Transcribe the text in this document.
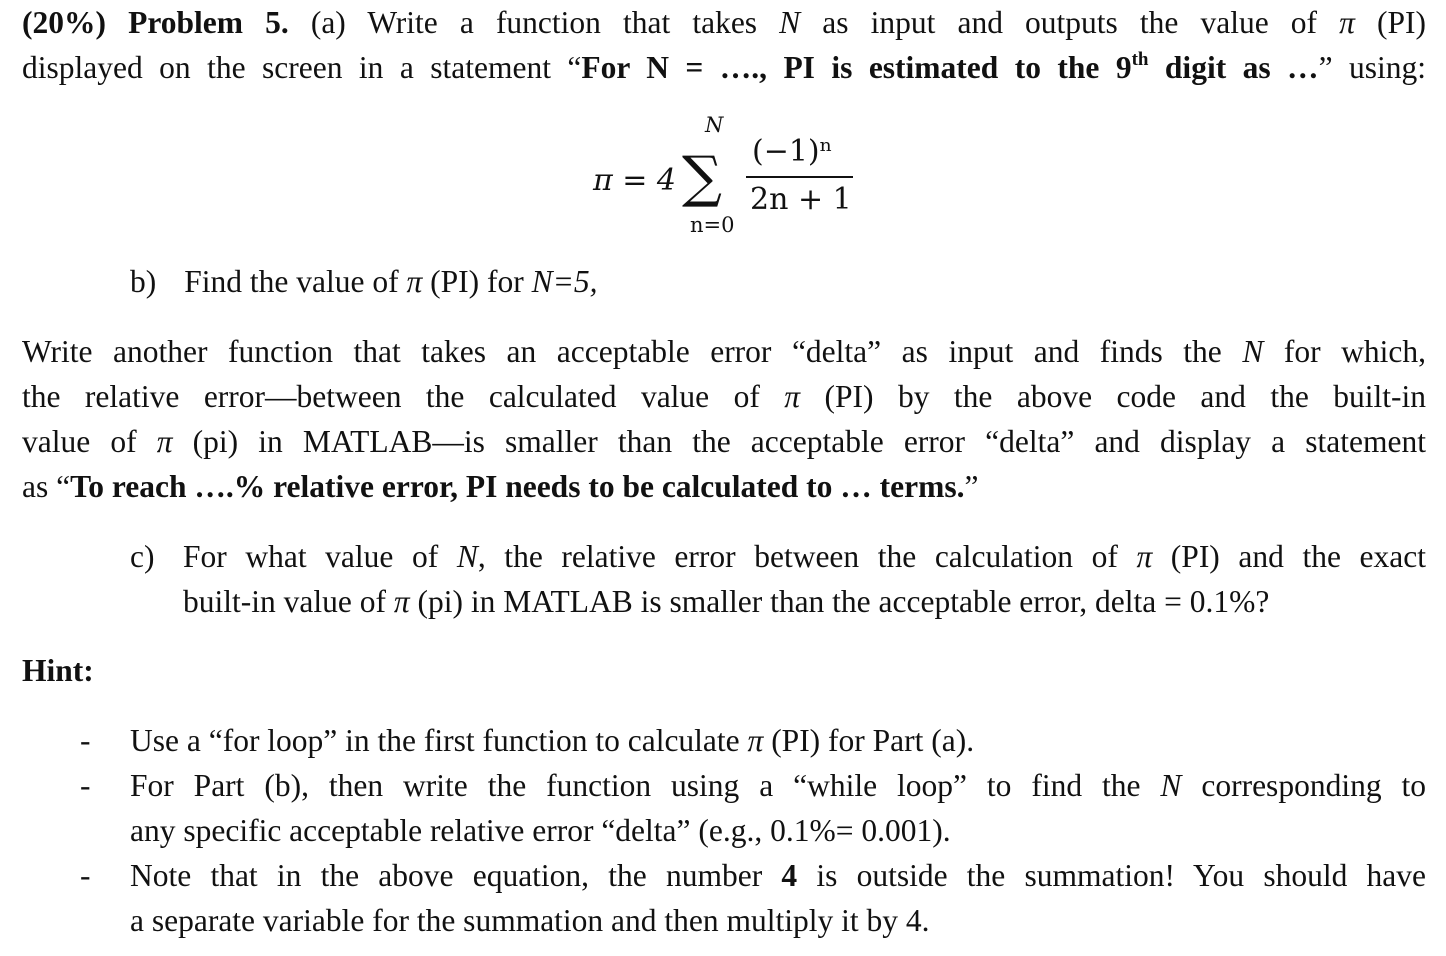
(20%) Problem 5. (a) Write a function that takes N as input and outputs the value of π (PI)
displayed on the screen in a statement “For N = …., PI is estimated to the 9th digit as …” using:
π = 4
N
∑
n=0
(−1)ⁿ
2n + 1
b) Find the value of π (PI) for N=5,
Write another function that takes an acceptable error “delta” as input and finds the N for which,
the relative error—between the calculated value of π (PI) by the above code and the built-in
value of π (pi) in MATLAB—is smaller than the acceptable error “delta” and display a statement
as “To reach ….% relative error, PI needs to be calculated to … terms.”
c) For what value of N, the relative error between the calculation of π (PI) and the exact
built-in value of π (pi) in MATLAB is smaller than the acceptable error, delta = 0.1%?
Hint:
- Use a “for loop” in the first function to calculate π (PI) for Part (a).
- For Part (b), then write the function using a “while loop” to find the N corresponding to
any specific acceptable relative error “delta” (e.g., 0.1%= 0.001).
- Note that in the above equation, the number 4 is outside the summation! You should have
a separate variable for the summation and then multiply it by 4.
